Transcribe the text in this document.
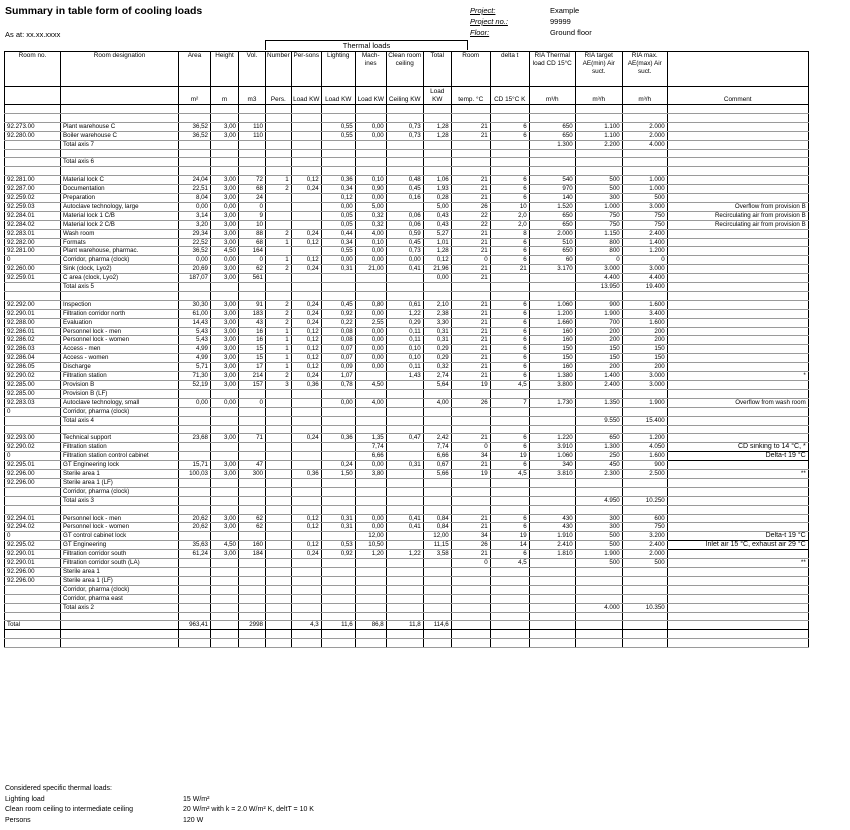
Summary in table form of cooling loads
As at: xx.xx.xxxx
Project:	Example
Project no.:	99999
Floor:	Ground floor
Thermal loads
Room no.	Room designation	Area	Height	Vol.	Number	Per-sons	Lighting	Mach-ines	Clean room ceiling	Total	Room	delta t	RIA Thermal load CD 15°C	RIA target AE(min) Air suct.	RIA max. AE(max) Air suct.	
		m²	m	m3	Pers.	Load KW	Load KW	Load KW	Ceiling KW	Load KW	temp. °C	CD 15°C K	m³/h	m³/h	m³/h	Comment

92.273.00	Plant warehouse C	36,52	3,00	110			0,55	0,00	0,73	1,28	21	6	650	1.100	2.000	
92.280.00	Boiler warehouse C	36,52	3,00	110			0,55	0,00	0,73	1,28	21	6	650	1.100	2.000	
	Total axis 7												1.300	2.200	4.000	

	Total axis 6															

92.281.00	Material lock C	24,04	3,00	72	1	0,12	0,36	0,10	0,48	1,06	21	6	540	500	1.000	
92.287.00	Documentation	22,51	3,00	68	2	0,24	0,34	0,90	0,45	1,93	21	6	970	500	1.000	
92.259.02	Preparation	8,04	3,00	24			0,12	0,00	0,16	0,28	21	6	140	300	500	
92.259.03	Autoclave technology, large	0,00	0,00	0			0,00	5,00		5,00	26	10	1.520	1.000	3.000	Overflow from provision B
92.284.01	Material lock 1 C/B	3,14	3,00	9			0,05	0,32	0,06	0,43	22	2,0	650	750	750	Recirculating air from provision B
92.284.02	Material lock 2 C/B	3,20	3,00	10			0,05	0,32	0,06	0,43	22	2,0	650	750	750	Recirculating air from provision B
92.283.01	Wash room	29,34	3,00	88	2	0,24	0,44	4,00	0,59	5,27	21	8	2.000	1.150	2.400	
92.282.00	Formats	22,52	3,00	68	1	0,12	0,34	0,10	0,45	1,01	21	6	510	800	1.400	
92.281.00	Plant warehouse, pharmac.	36,52	4,50	164			0,55	0,00	0,73	1,28	21	6	650	800	1.200	
0	Corridor, pharma (clock)	0,00	0,00	0	1	0,12	0,00	0,00	0,00	0,12	0	6	60	0	0	
92.260.00	Sink (clock, Lyo2)	20,69	3,00	62	2	0,24	0,31	21,00	0,41	21,96	21	21	3.170	3.000	3.000	
92.259.01	C area (clock, Lyo2)	187,07	3,00	561						0,00	21			4.400	4.400	
	Total axis 5													13.950	19.400	

92.292.00	Inspection	30,30	3,00	91	2	0,24	0,45	0,80	0,61	2,10	21	6	1.060	900	1.600	
92.290.01	Filtration corridor north	61,00	3,00	183	2	0,24	0,92	0,00	1,22	2,38	21	6	1.200	1.900	3.400	
92.288.00	Evaluation	14,43	3,00	43	2	0,24	0,22	2,55	0,29	3,30	21	6	1.660	700	1.600	
92.286.01	Personnel lock - men	5,43	3,00	16	1	0,12	0,08	0,00	0,11	0,31	21	6	160	200	200	
92.286.02	Personnel lock - women	5,43	3,00	16	1	0,12	0,08	0,00	0,11	0,31	21	6	160	200	200	
92.286.03	Access - men	4,99	3,00	15	1	0,12	0,07	0,00	0,10	0,29	21	6	150	150	150	
92.286.04	Access - women	4,99	3,00	15	1	0,12	0,07	0,00	0,10	0,29	21	6	150	150	150	
92.286.05	Discharge	5,71	3,00	17	1	0,12	0,09	0,00	0,11	0,32	21	6	160	200	200	
92.290.02	Filtration station	71,30	3,00	214	2	0,24	1,07		1,43	2,74	21	6	1.380	1.400	3.000	*
92.285.00	Provision B	52,19	3,00	157	3	0,36	0,78	4,50		5,64	19	4,5	3.800	2.400	3.000	
92.285.00	Provision B (LF)															
92.283.03	Autoclave technology, small	0,00	0,00	0			0,00	4,00		4,00	26	7	1.730	1.350	1.900	Overflow from wash room
0	Corridor, pharma (clock)															
	Total axis 4													9.550	15.400	

92.293.00	Technical support	23,68	3,00	71		0,24	0,36	1,35	0,47	2,42	21	6	1.220	650	1.200	
92.290.02	Filtration station							7,74		7,74	0	6	3.910	1.300	4.050	CD sinking to 14 °C, *
0	Filtration station control cabinet							6,66		6,66	34	19	1.060	250	1.600	Delta-t 19 °C
92.295.01	GT Engineering lock	15,71	3,00	47			0,24	0,00	0,31	0,67	21	6	340	450	900	
92.296.00	Sterile area 1	100,03	3,00	300		0,36	1,50	3,80		5,66	19	4,5	3.810	2.300	2.500	**
92.296.00	Sterile area 1 (LF)															
	Corridor, pharma (clock)															
	Total axis 3													4.950	10.250	

92.294.01	Personnel lock - men	20,62	3,00	62		0,12	0,31	0,00	0,41	0,84	21	6	430	300	600	
92.294.02	Personnel lock - women	20,62	3,00	62		0,12	0,31	0,00	0,41	0,84	21	6	430	300	750	
0	GT control cabinet lock							12,00		12,00	34	19	1.910	500	3.200	Delta-t 19 °C
92.295.02	GT Engineering	35,63	4,50	160		0,12	0,53	10,50		11,15	26	14	2.410	500	2.400	Inlet air 15 °C, exhaust air 29 °C
92.290.01	Filtration corridor south	61,24	3,00	184		0,24	0,92	1,20	1,22	3,58	21	6	1.810	1.900	2.000	
92.290.01	Filtration corridor south (LA)										0	4,5		500	500	**
92.296.00	Sterile area 1															
92.296.00	Sterile area 1 (LF)															
	Corridor, pharma (clock)															
	Corridor, pharma east															
	Total axis 2													4.000	10.350	

Total		963,41		2998		4,3	11,6	86,8	11,8	114,6						

Considered specific thermal loads:
Lighting load	15 W/m²
Clean room ceiling to intermediate ceiling	20 W/m² with k = 2.0 W/m² K, deltT = 10 K
Persons	120 W
